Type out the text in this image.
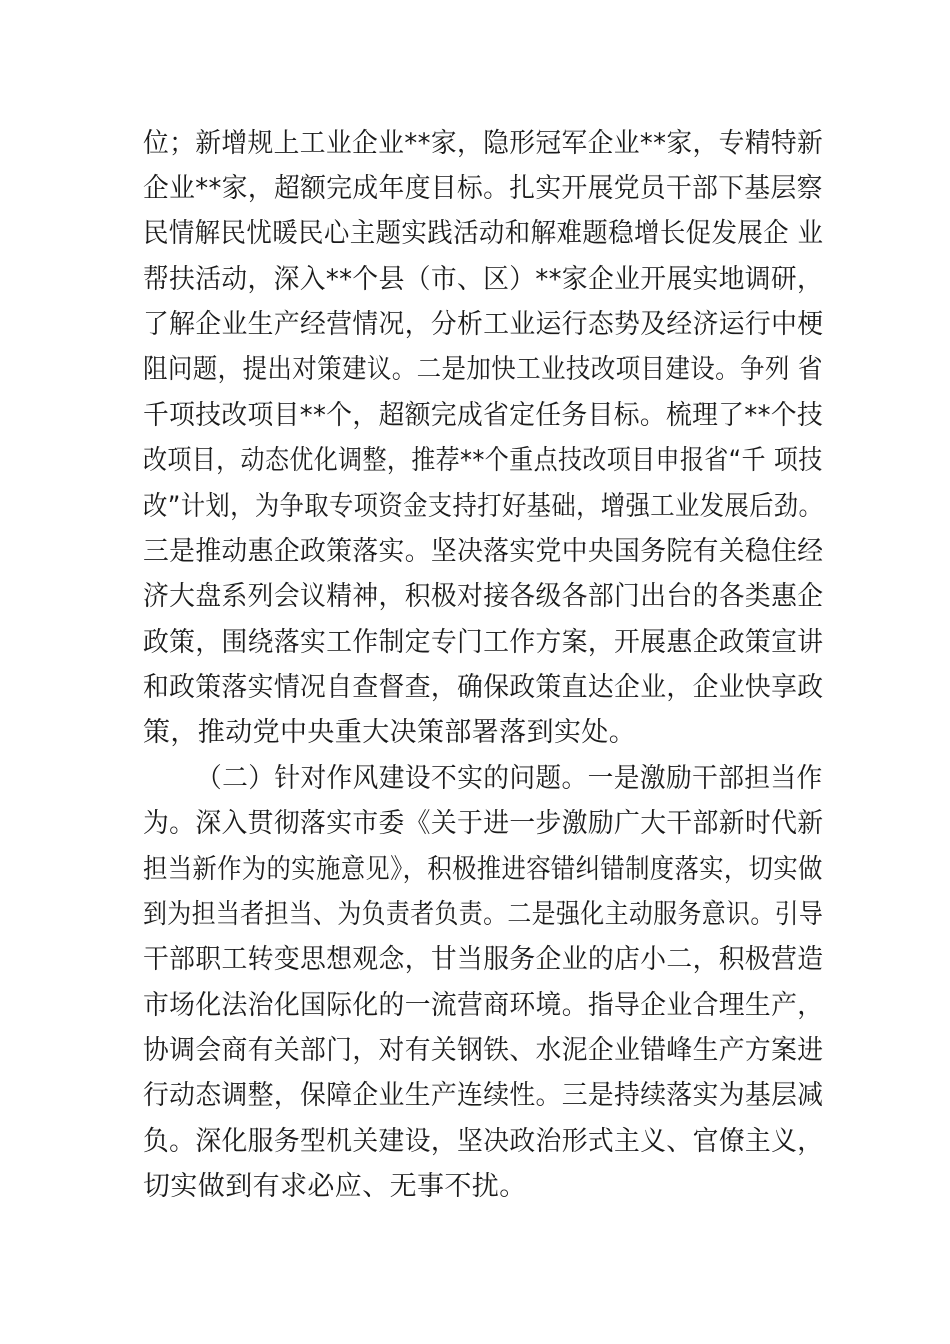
位；新增规上工业企业**家，隐形冠军企业**家，专精特新
企业**家，超额完成年度目标。扎实开展党员干部下基层察
民情解民忧暖民心主题实践活动和解难题稳增长促发展企 业
帮扶活动，深入**个县（市、区）**家企业开展实地调研，
了解企业生产经营情况，分析工业运行态势及经济运行中梗
阻问题，提出对策建议。二是加快工业技改项目建设。争列 省
千项技改项目**个，超额完成省定任务目标。梳理了**个技
改项目，动态优化调整，推荐**个重点技改项目申报省“千 项技
改”计划，为争取专项资金支持打好基础，增强工业发展后劲。
三是推动惠企政策落实。坚决落实党中央国务院有关稳住经
济大盘系列会议精神，积极对接各级各部门出台的各类惠企
政策，围绕落实工作制定专门工作方案，开展惠企政策宣讲
和政策落实情况自查督查，确保政策直达企业，企业快享政
策，推动党中央重大决策部署落到实处。
（二）针对作风建设不实的问题。一是激励干部担当作
为。深入贯彻落实市委《关于进一步激励广大干部新时代新
担当新作为的实施意见》，积极推进容错纠错制度落实，切实做
到为担当者担当、为负责者负责。二是强化主动服务意识。引导
干部职工转变思想观念，甘当服务企业的店小二，积极营造
市场化法治化国际化的一流营商环境。指导企业合理生产，
协调会商有关部门，对有关钢铁、水泥企业错峰生产方案进
行动态调整，保障企业生产连续性。三是持续落实为基层减
负。深化服务型机关建设，坚决政治形式主义、官僚主义，
切实做到有求必应、无事不扰。
